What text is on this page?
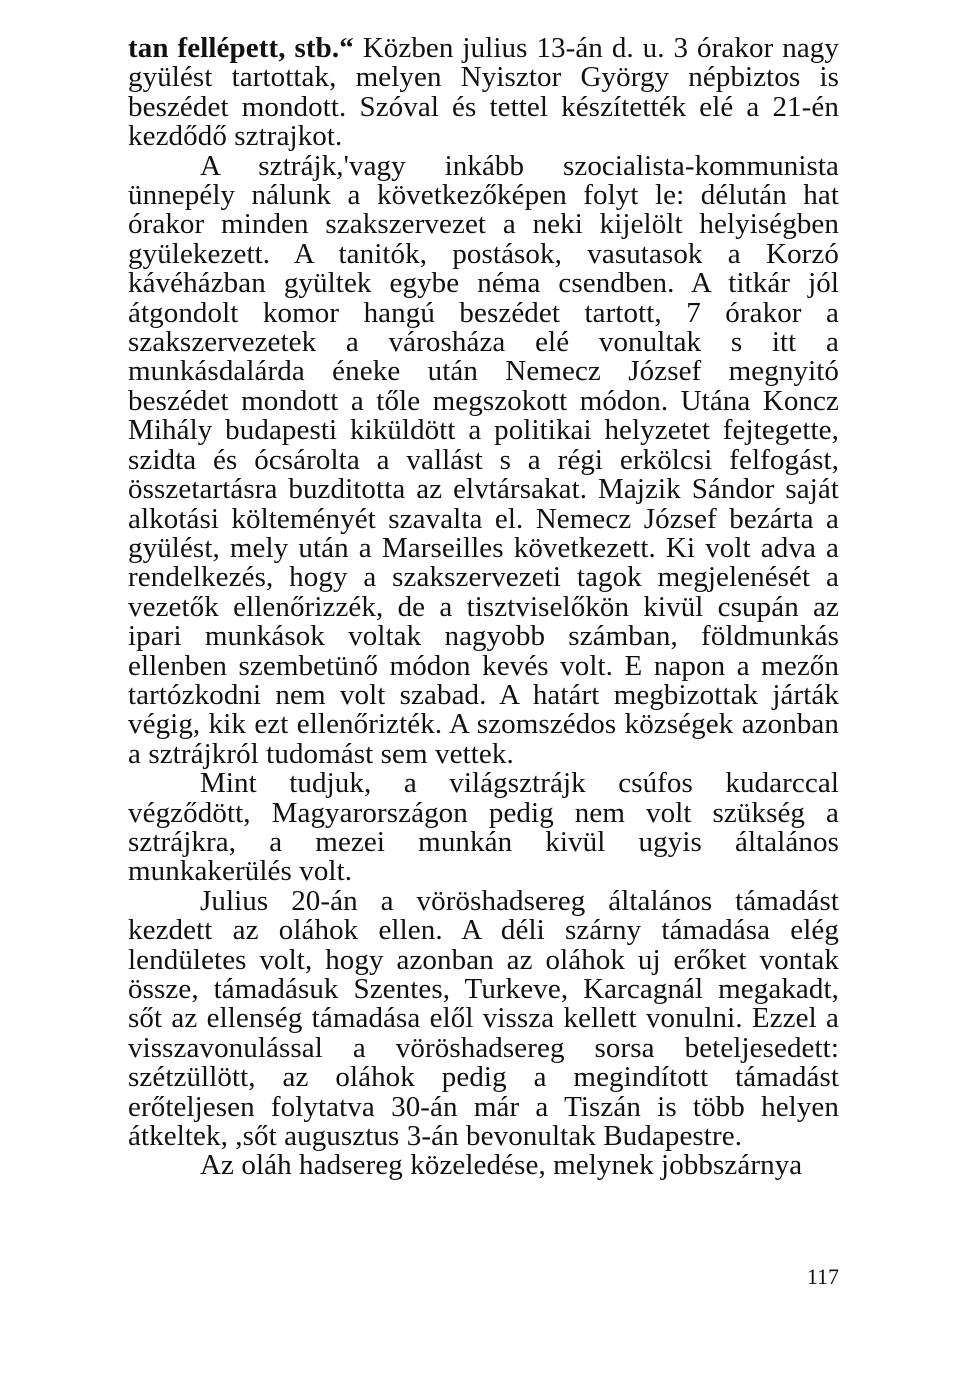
tan fellépett, stb.“ Közben julius 13-án d. u. 3 órakor nagy gyülést tartottak, melyen Nyisztor György népbiztos is beszédet mondott. Szóval és tettel készítették elé a 21-én kezdődő sztrajkot.

A sztrájk,'vagy inkább szocialista-kommunista ünnepély nálunk a következőképen folyt le: délután hat órakor minden szakszervezet a neki kijelölt helyiségben gyülekezett. A tanitók, postások, vasutasok a Korzó kávéházban gyültek egybe néma csendben. A titkár jól átgondolt komor hangú beszédet tartott, 7 órakor a szakszervezetek a városháza elé vonultak s itt a munkásdalárda éneke után Nemecz József megnyitó beszédet mondott a tőle megszokott módon. Utána Koncz Mihály budapesti kiküldött a politikai helyzetet fejtegette, szidta és ócsárolta a vallást s a régi erkölcsi felfogást, összetartásra buzditotta az elvtársakat. Majzik Sándor saját alkotási költeményét szavalta el. Nemecz József bezárta a gyülést, mely után a Marseilles következett. Ki volt adva a rendelkezés, hogy a szakszervezeti tagok megjelenését a vezetők ellenőrizzék, de a tisztviselőkön kivül csupán az ipari munkások voltak nagyobb számban, földmunkás ellenben szembetünő módon kevés volt. E napon a mezőn tartózkodni nem volt szabad. A határt megbizottak járták végig, kik ezt ellenőrizték. A szomszédos községek azonban a sztrájkról tudomást sem vettek.

Mint tudjuk, a világsztrájk csúfos kudarccal végződött, Magyarországon pedig nem volt szükség a sztrájkra, a mezei munkán kivül ugyis általános munkakerülés volt.

Julius 20-án a vöröshadsereg általános támadást kezdett az oláhok ellen. A déli szárny támadása elég lendületes volt, hogy azonban az oláhok uj erőket vontak össze, támadásuk Szentes, Turkeve, Karcagnál megakadt, sőt az ellenség támadása elől vissza kellett vonulni. Ezzel a visszavonulással a vöröshadsereg sorsa beteljesedett: szétzüllött, az oláhok pedig a megindított támadást erőteljesen folytatva 30-án már a Tiszán is több helyen átkeltek, ,sőt augusztus 3-án bevonultak Budapestre.

Az oláh hadsereg közeledése, melynek jobbszárnya

117
